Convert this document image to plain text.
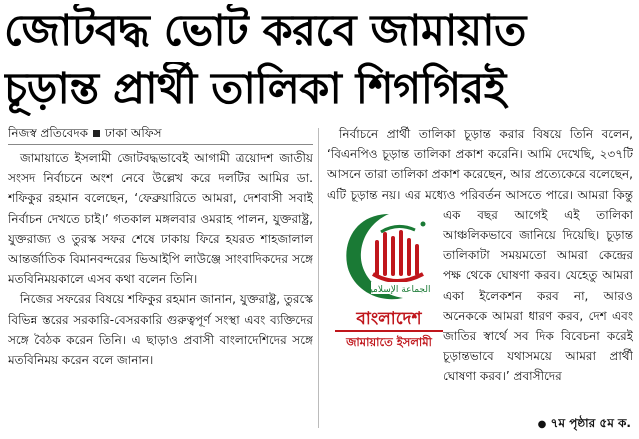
জোটবদ্ধ ভোট করবে জামায়াত
চূড়ান্ত প্রার্থী তালিকা শিগগিরই
নিজস্ব প্রতিবেদক ঢাকা অফিস

জামায়াতে ইসলামী জোটবদ্ধভাবেই আগামী ত্রয়োদশ জাতীয় সংসদ নির্বাচনে অংশ নেবে উল্লেখ করে দলটির আমির ডা. শফিকুর রহমান বলেছেন, ‘ফেব্রুয়ারিতে আমরা, দেশবাসী সবাই নির্বাচন দেখতে চাই।’ গতকাল মঙ্গলবার ওমরাহ পালন, যুক্তরাষ্ট্র, যুক্তরাজ্য ও তুরস্ক সফর শেষে ঢাকায় ফিরে হযরত শাহজালাল আন্তর্জাতিক বিমানবন্দরের ভিআইপি লাউঞ্জে সাংবাদিকদের সঙ্গে মতবিনিময়কালে এসব কথা বলেন তিনি।

নিজের সফরের বিষয়ে শফিকুর রহমান জানান, যুক্তরাষ্ট্র, তুরস্কে বিভিন্ন স্তরের সরকারি-বেসরকারি গুরুত্বপূর্ণ সংস্থা এবং ব্যক্তিদের সঙ্গে বৈঠক করেন তিনি। এ ছাড়াও প্রবাসী বাংলাদেশিদের সঙ্গে মতবিনিময় করেন বলে জানান।

নির্বাচনে প্রার্থী তালিকা চূড়ান্ত করার বিষয়ে তিনি বলেন, ‘বিএনপিও চূড়ান্ত তালিকা প্রকাশ করেনি। আমি দেখেছি, ২৩৭টি আসনে তারা তালিকা প্রকাশ করেছেন, আর প্রত্যেকেরে বলেছেন, এটি চূড়ান্ত নয়। এর মধ্যেও পরিবর্তন আসতে পারে। আমরা কিন্তু এক বছর আগেই এই তালিকা আঞ্চলিকভাবে জানিয়ে দিয়েছি। চূড়ান্ত তালিকাটা সময়মতো আমরা কেন্দ্রের পক্ষ থেকে ঘোষণা করব। যেহেতু আমরা একা ইলেকশন করব না, আরও অনেককে আমরা ধারণ করব, দেশ এবং জাতির স্বার্থে সব দিক বিবেচনা করেই চূড়ান্তভাবে যথাসময়ে আমরা প্রার্থী ঘোষণা করব।’ প্রবাসীদের

الجماعة الإسلامية
বাংলাদেশ
জামায়াতে ইসলামী
● ৭ম পৃষ্ঠার ৫ম ক.
